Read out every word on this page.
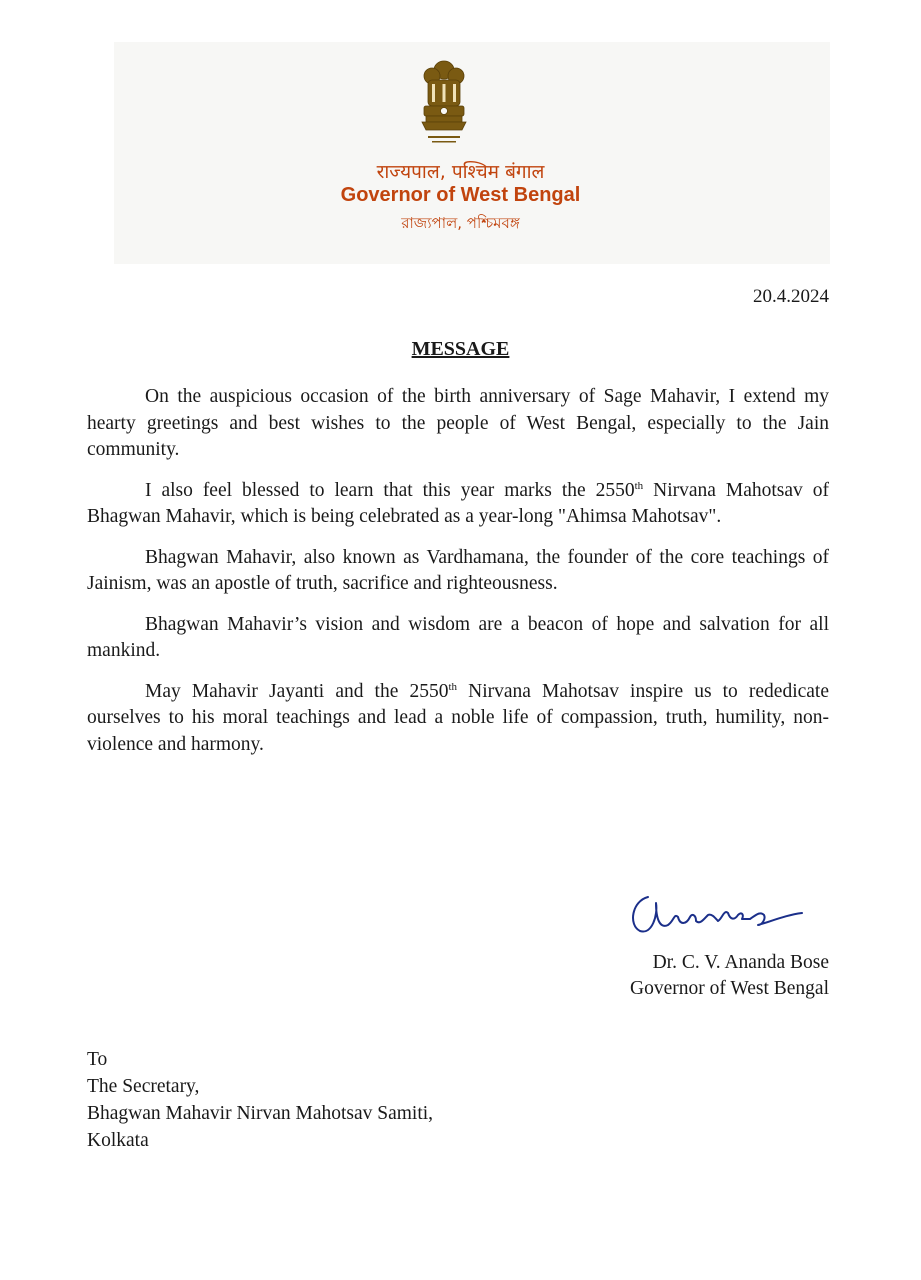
राज्यपाल, पश्चिम बंगाल
Governor of West Bengal
রাজ্যপাল, পশ্চিমবঙ্গ
20.4.2024
MESSAGE

On the auspicious occasion of the birth anniversary of Sage Mahavir, I extend my hearty greetings and best wishes to the people of West Bengal, especially to the Jain community.

I also feel blessed to learn that this year marks the 2550th Nirvana Mahotsav of Bhagwan Mahavir, which is being celebrated as a year-long "Ahimsa Mahotsav".

Bhagwan Mahavir, also known as Vardhamana, the founder of the core teachings of Jainism, was an apostle of truth, sacrifice and righteousness.

Bhagwan Mahavir’s vision and wisdom are a beacon of hope and salvation for all mankind.

May Mahavir Jayanti and the 2550th Nirvana Mahotsav inspire us to rededicate ourselves to his moral teachings and lead a noble life of compassion, truth, humility, non-violence and harmony.

Dr. C. V. Ananda Bose
Governor of West Bengal
To
The Secretary,
Bhagwan Mahavir Nirvan Mahotsav Samiti,
Kolkata
